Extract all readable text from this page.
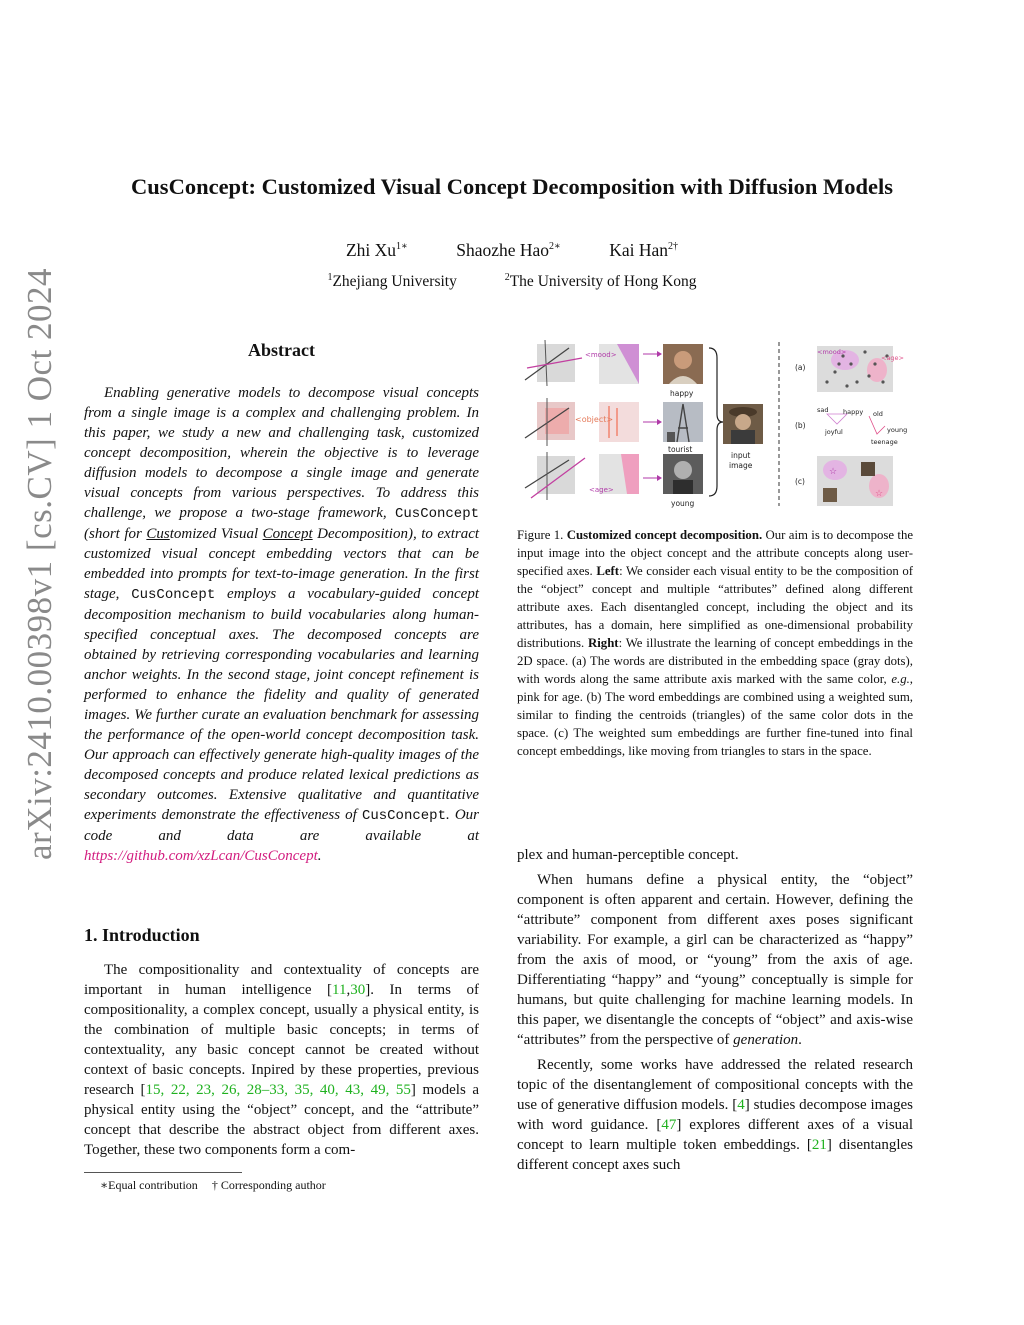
arXiv:2410.00398v1 [cs.CV] 1 Oct 2024
CusConcept: Customized Visual Concept Decomposition with Diffusion Models
Zhi $Xu^{1∗}$	Shaozhe Hao$^{2∗}$	Kai Han$^{2\dagger}$
$^1$Zhejiang University	$^2$The University of Hong Kong
Abstract

Enabling generative models to decompose visual concepts from a single image is a complex and challenging problem. In this paper, we study a new and challenging task, customized concept decomposition, wherein the objective is to leverage diffusion models to decompose a single image and generate visual concepts from various perspectives. To address this challenge, we propose a two-stage framework, CusConcept (short for Customized Visual Concept Decomposition), to extract customized visual concept embedding vectors that can be embedded into prompts for text-to-image generation. In the first stage, CusConcept employs a vocabulary-guided concept decomposition mechanism to build vocabularies along human-specified conceptual axes. The decomposed concepts are obtained by retrieving corresponding vocabularies and learning anchor weights. In the second stage, joint concept refinement is performed to enhance the fidelity and quality of generated images. We further curate an evaluation benchmark for assessing the performance of the open-world concept decomposition task. Our approach can effectively generate high-quality images of the decomposed concepts and produce related lexical predictions as secondary outcomes. Extensive qualitative and quantitative experiments demonstrate the effectiveness of CusConcept. Our code and data are available at https://github.com/xzLcan/CusConcept.

1. Introduction

The compositionality and contextuality of concepts are important in human intelligence [11,30]. In terms of compositionality, a complex concept, usually a physical entity, is the combination of multiple basic concepts; in terms of contextuality, any basic concept cannot be created without context of basic concepts. Inpired by these properties, previous research [15, 22, 23, 26, 28–33, 35, 40, 43, 49, 55] models a physical entity using the “object” concept, and the “attribute” concept that describe the abstract object from different axes. Together, these two components form a com-

∗Equal contribution † Corresponding author
<mood>
<object>
<age>
happy
tourist
young
input
image
(a)
<mood>
<age>
(b)
sad happy old
joyful	young
teenage
(c)
☆
☆
Figure 1. Customized concept decomposition. Our aim is to decompose the input image into the object concept and the attribute concepts along user-specified axes. Left: We consider each visual entity to be the composition of the “object” concept and multiple “attributes” defined along different attribute axes. Each disentangled concept, including the object and its attributes, has a domain, here simplified as one-dimensional probability distributions. Right: We illustrate the learning of concept embeddings in the 2D space. (a) The words are distributed in the embedding space (gray dots), with words along the same attribute axis marked with the same color, e.g., pink for age. (b) The word embeddings are combined using a weighted sum, similar to finding the centroids (triangles) of the same color dots in the space. (c) The weighted sum embeddings are further fine-tuned into final concept embeddings, like moving from triangles to stars in the space.

plex and human-perceptible concept.

When humans define a physical entity, the “object” component is often apparent and certain. However, defining the “attribute” component from different axes poses significant variability. For example, a girl can be characterized as “happy” from the axis of mood, or “young” from the axis of age. Differentiating “happy” and “young” conceptually is simple for humans, but quite challenging for machine learning models. In this paper, we disentangle the concepts of “object” and axis-wise “attributes” from the perspective of generation.

Recently, some works have addressed the related research topic of the disentanglement of compositional concepts with the use of generative diffusion models. [4] studies decompose images with word guidance. [47] explores different axes of a visual concept to learn multiple token embeddings. [21] disentangles different concept axes such
